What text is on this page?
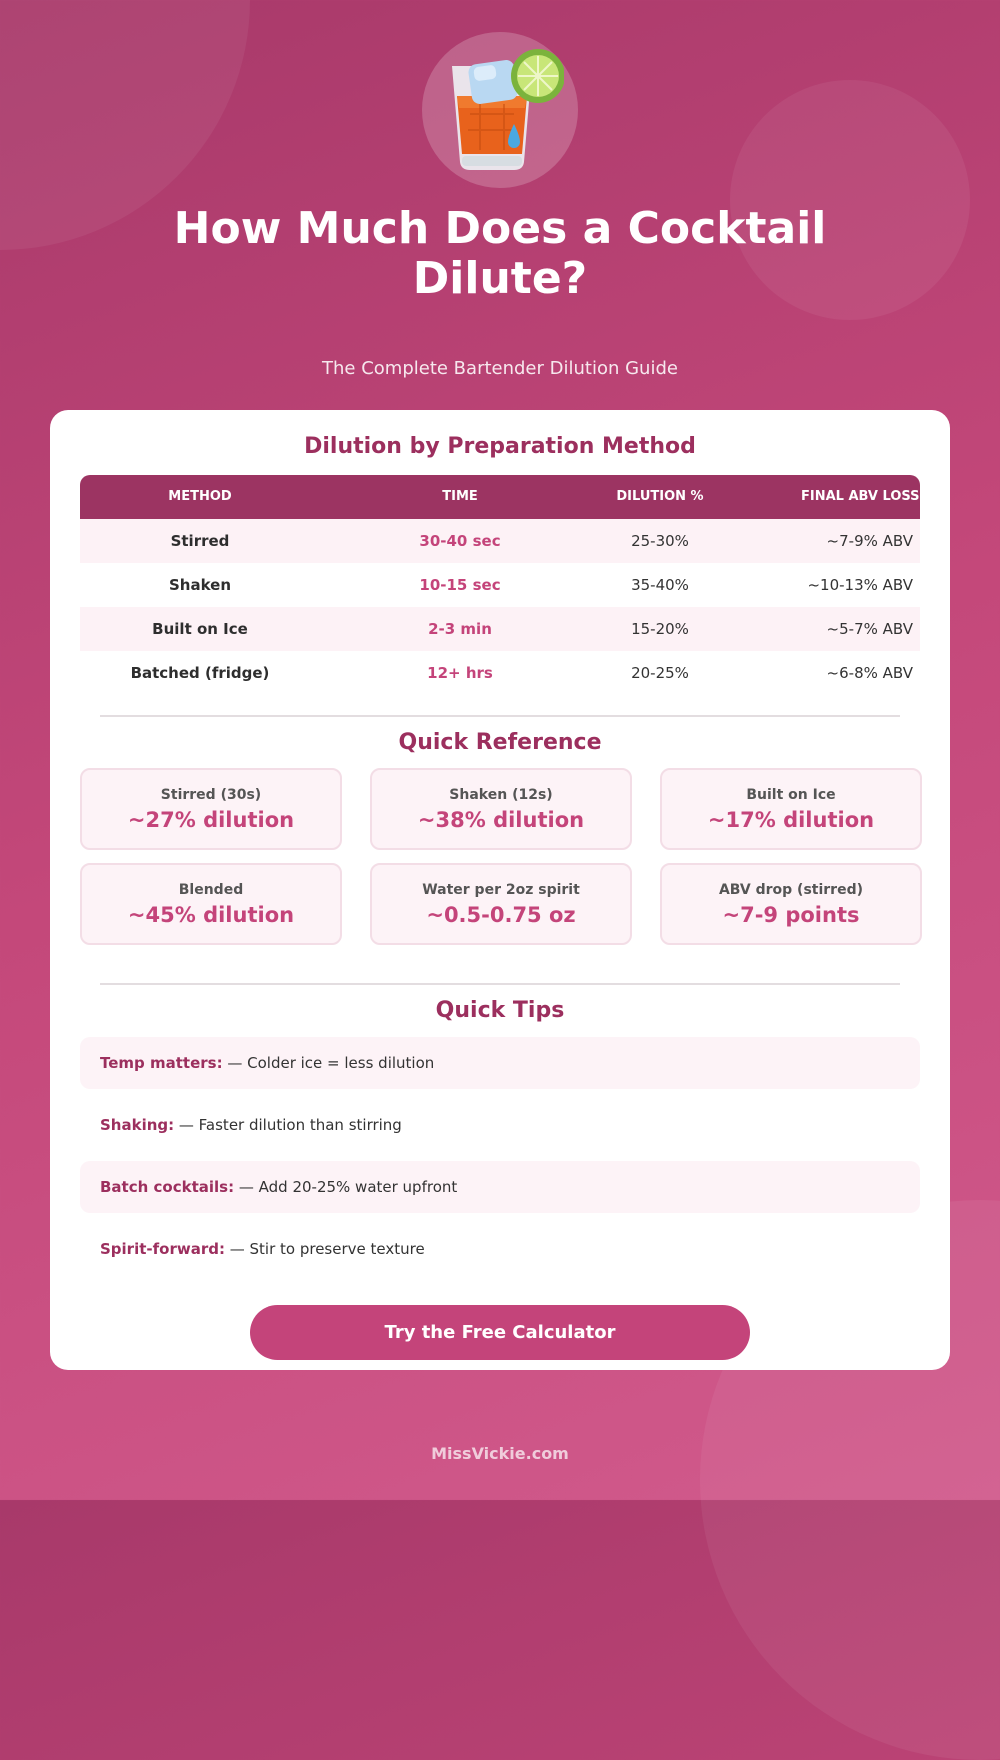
How Much Does a Cocktail Dilute?
The Complete Bartender Dilution Guide
Dilution by Preparation Method
METHOD	TIME	DILUTION %	FINAL ABV LOSS
Stirred	30-40 sec	25-30%	~7-9% ABV
Shaken	10-15 sec	35-40%	~10-13% ABV
Built on Ice	2-3 min	15-20%	~5-7% ABV
Batched (fridge)	12+ hrs	20-25%	~6-8% ABV
Quick Reference
Stirred (30s)
~27% dilution
Shaken (12s)
~38% dilution
Built on Ice
~17% dilution
Blended
~45% dilution
Water per 2oz spirit
~0.5-0.75 oz
ABV drop (stirred)
~7-9 points
Quick Tips
Temp matters: — Colder ice = less dilution
Shaking: — Faster dilution than stirring
Batch cocktails: — Add 20-25% water upfront
Spirit-forward: — Stir to preserve texture
Try the Free Calculator
MissVickie.com
